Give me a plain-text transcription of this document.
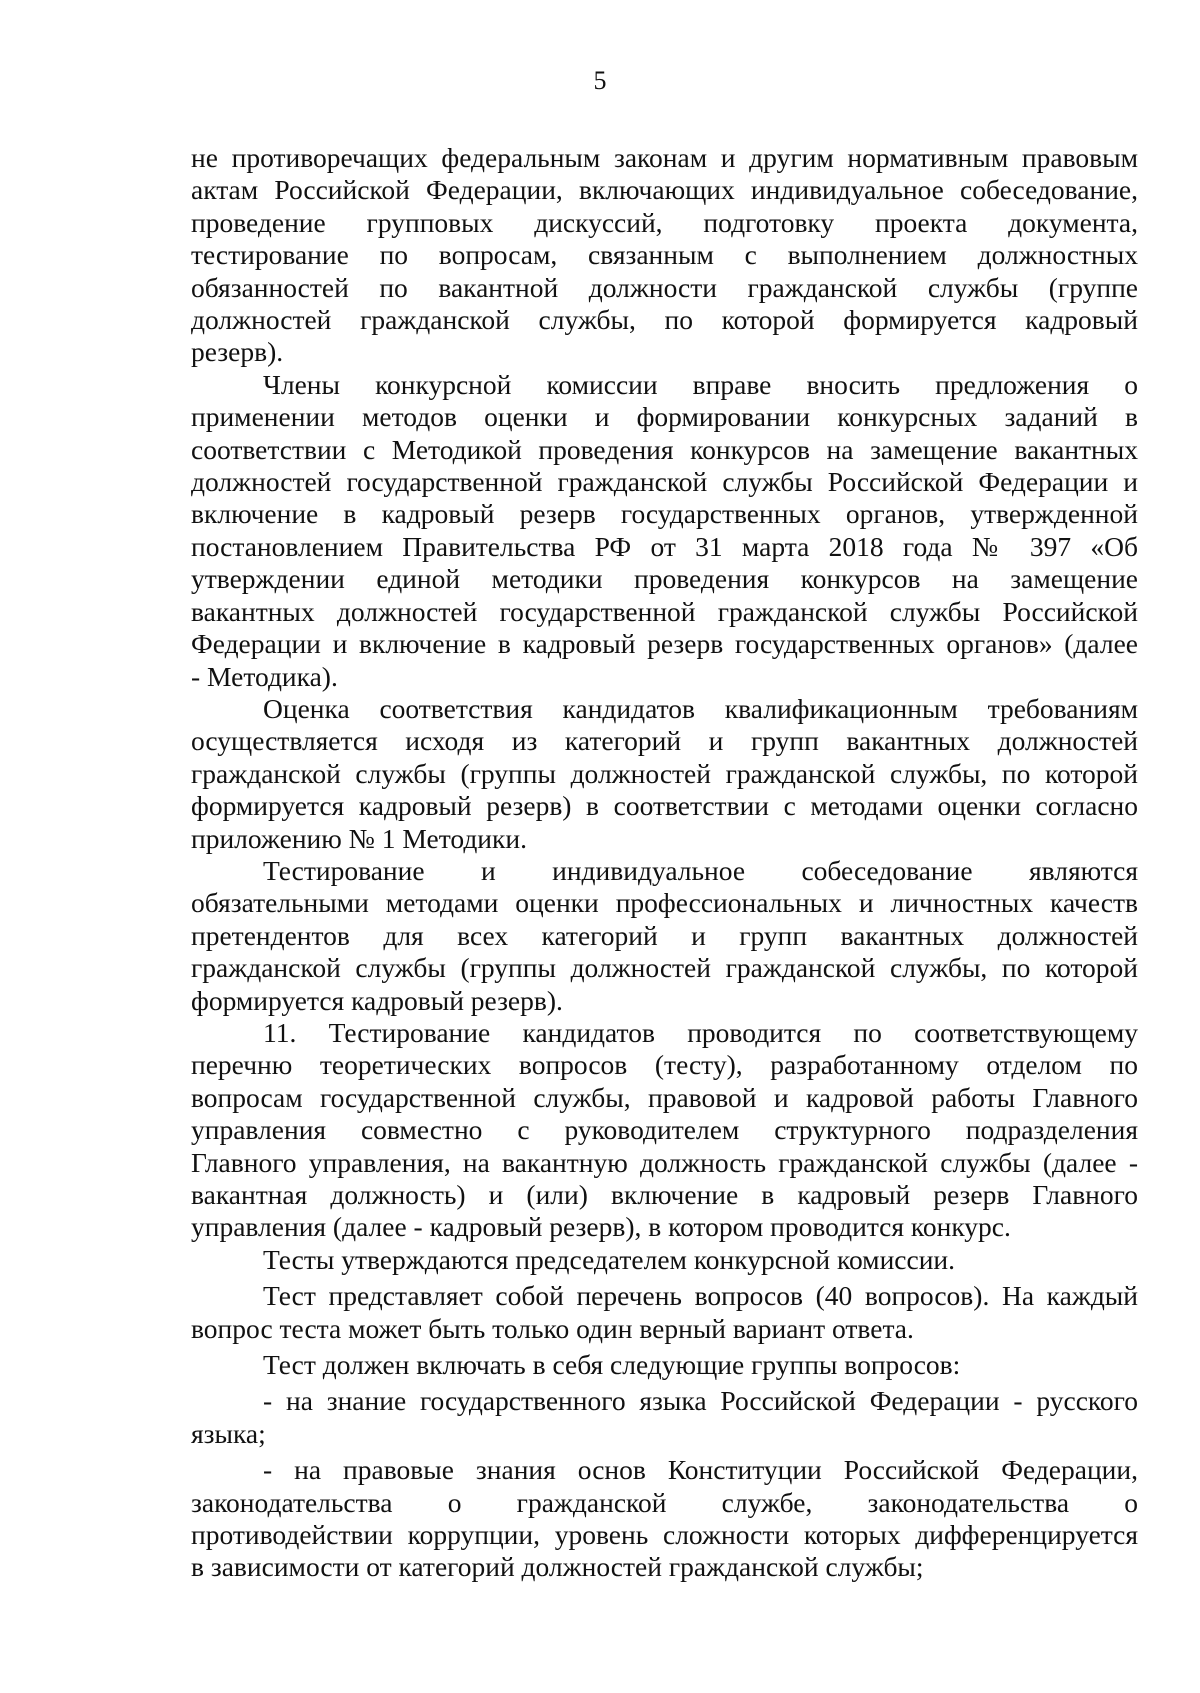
5
не противоречащих федеральным законам и другим нормативным правовым
актам Российской Федерации, включающих индивидуальное собеседование,
проведение групповых дискуссий, подготовку проекта документа,
тестирование по вопросам, связанным с выполнением должностных
обязанностей по вакантной должности гражданской службы (группе
должностей гражданской службы, по которой формируется кадровый
резерв).
Члены конкурсной комиссии вправе вносить предложения о
применении методов оценки и формировании конкурсных заданий в
соответствии с Методикой проведения конкурсов на замещение вакантных
должностей государственной гражданской службы Российской Федерации и
включение в кадровый резерв государственных органов, утвержденной
постановлением Правительства РФ от 31 марта 2018 года № 397 «Об
утверждении единой методики проведения конкурсов на замещение
вакантных должностей государственной гражданской службы Российской
Федерации и включение в кадровый резерв государственных органов» (далее
- Методика).
Оценка соответствия кандидатов квалификационным требованиям
осуществляется исходя из категорий и групп вакантных должностей
гражданской службы (группы должностей гражданской службы, по которой
формируется кадровый резерв) в соответствии с методами оценки согласно
приложению № 1 Методики.
Тестирование и индивидуальное собеседование являются
обязательными методами оценки профессиональных и личностных качеств
претендентов для всех категорий и групп вакантных должностей
гражданской службы (группы должностей гражданской службы, по которой
формируется кадровый резерв).
11. Тестирование кандидатов проводится по соответствующему
перечню теоретических вопросов (тесту), разработанному отделом по
вопросам государственной службы, правовой и кадровой работы Главного
управления совместно с руководителем структурного подразделения
Главного управления, на вакантную должность гражданской службы (далее -
вакантная должность) и (или) включение в кадровый резерв Главного
управления (далее - кадровый резерв), в котором проводится конкурс.
Тесты утверждаются председателем конкурсной комиссии.
Тест представляет собой перечень вопросов (40 вопросов). На каждый
вопрос теста может быть только один верный вариант ответа.
Тест должен включать в себя следующие группы вопросов:
- на знание государственного языка Российской Федерации - русского
языка;
- на правовые знания основ Конституции Российской Федерации,
законодательства о гражданской службе, законодательства о
противодействии коррупции, уровень сложности которых дифференцируется
в зависимости от категорий должностей гражданской службы;
